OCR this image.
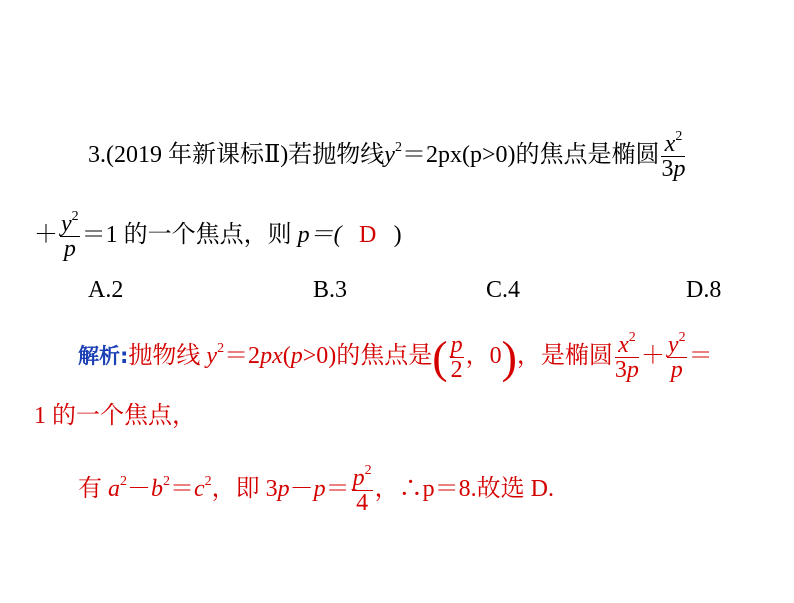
3.(2019 年新课标Ⅱ)若抛物线$y^2=2px(p>0)$的焦点是椭圆 $\frac{x^2}{3p}$
＋ $\frac{y^2}{p} =1$ 的一个焦点，则 p＝( D )
A.2	B.3	C.4	D.8
解析:抛物线 $y^2=2px(p>0)$的焦点是( $\frac{p}{2}$ ，0)，是椭圆 $\frac{x^2}{3p} + \frac{y^2}{p}$ ＝
1 的一个焦点，
有 $a^2-b^2=c^2$，即 $3p-p= \frac{p^2}{4}$ ，∴p＝8.故选 D.
